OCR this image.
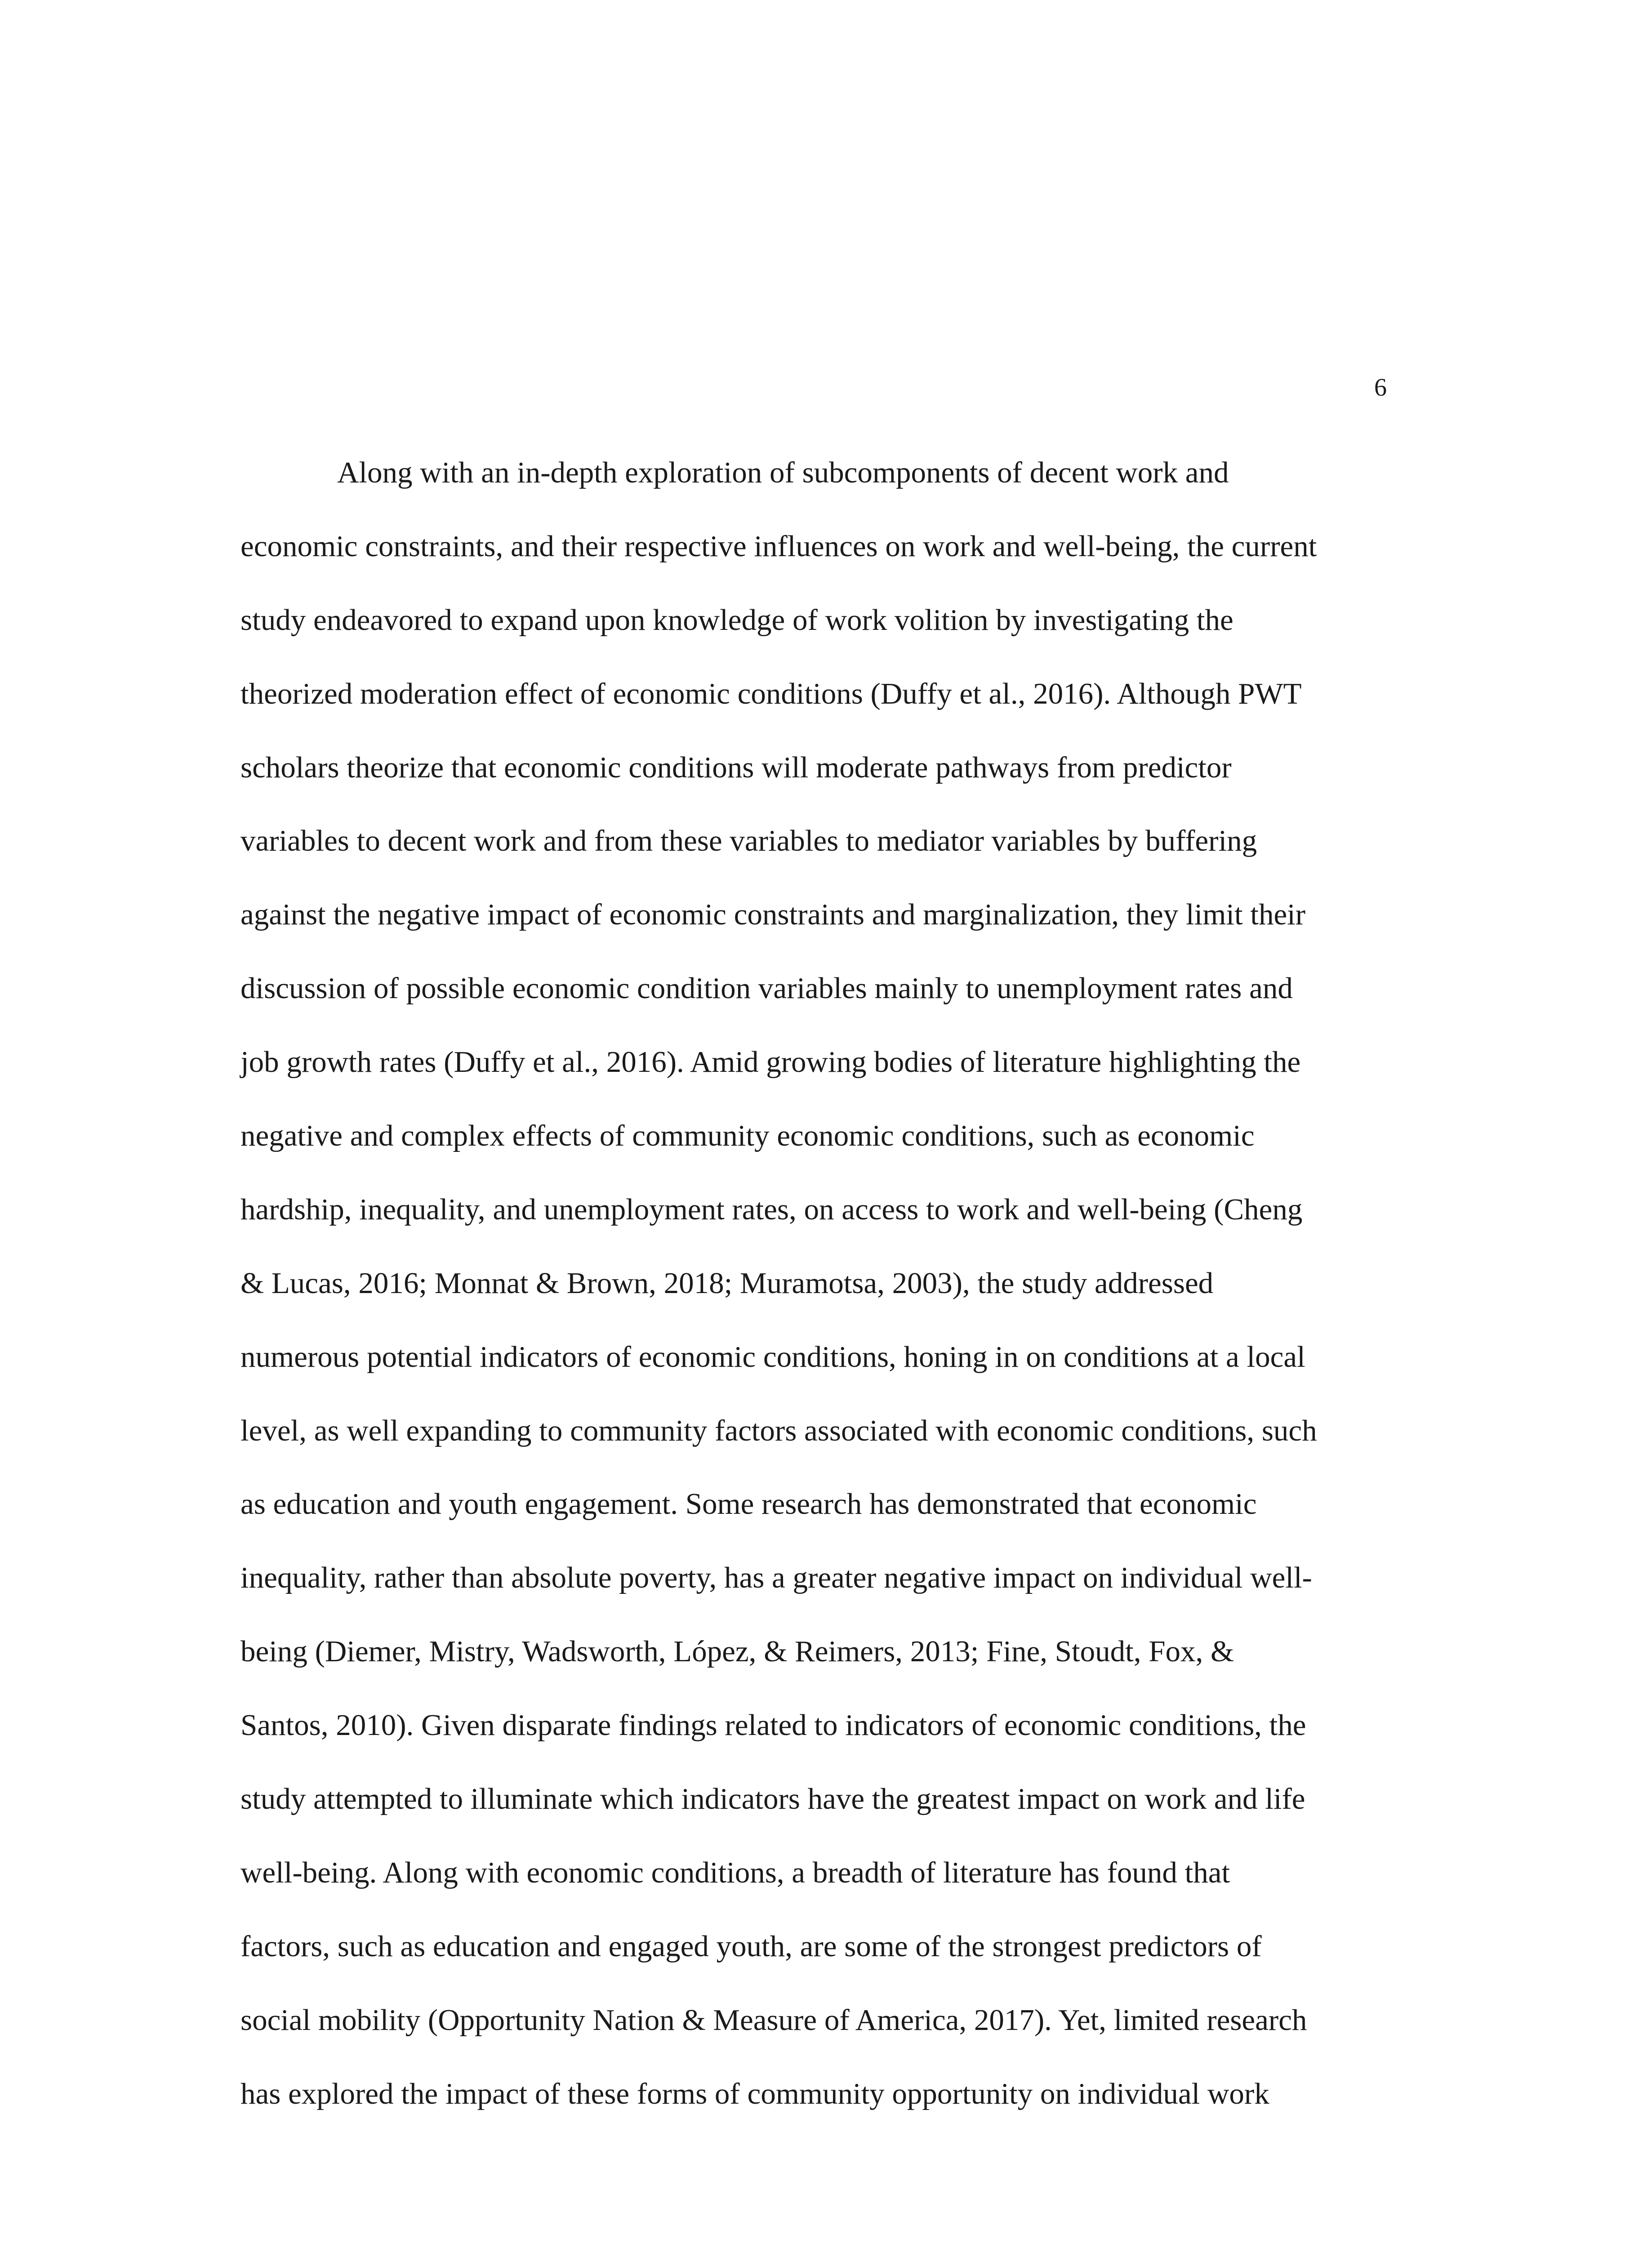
6
Along with an in-depth exploration of subcomponents of decent work and
economic constraints, and their respective influences on work and well-being, the current
study endeavored to expand upon knowledge of work volition by investigating the
theorized moderation effect of economic conditions (Duffy et al., 2016). Although PWT
scholars theorize that economic conditions will moderate pathways from predictor
variables to decent work and from these variables to mediator variables by buffering
against the negative impact of economic constraints and marginalization, they limit their
discussion of possible economic condition variables mainly to unemployment rates and
job growth rates (Duffy et al., 2016). Amid growing bodies of literature highlighting the
negative and complex effects of community economic conditions, such as economic
hardship, inequality, and unemployment rates, on access to work and well-being (Cheng
& Lucas, 2016; Monnat & Brown, 2018; Muramotsa, 2003), the study addressed
numerous potential indicators of economic conditions, honing in on conditions at a local
level, as well expanding to community factors associated with economic conditions, such
as education and youth engagement. Some research has demonstrated that economic
inequality, rather than absolute poverty, has a greater negative impact on individual well-
being (Diemer, Mistry, Wadsworth, López, & Reimers, 2013; Fine, Stoudt, Fox, &
Santos, 2010). Given disparate findings related to indicators of economic conditions, the
study attempted to illuminate which indicators have the greatest impact on work and life
well-being. Along with economic conditions, a breadth of literature has found that
factors, such as education and engaged youth, are some of the strongest predictors of
social mobility (Opportunity Nation & Measure of America, 2017). Yet, limited research
has explored the impact of these forms of community opportunity on individual work
